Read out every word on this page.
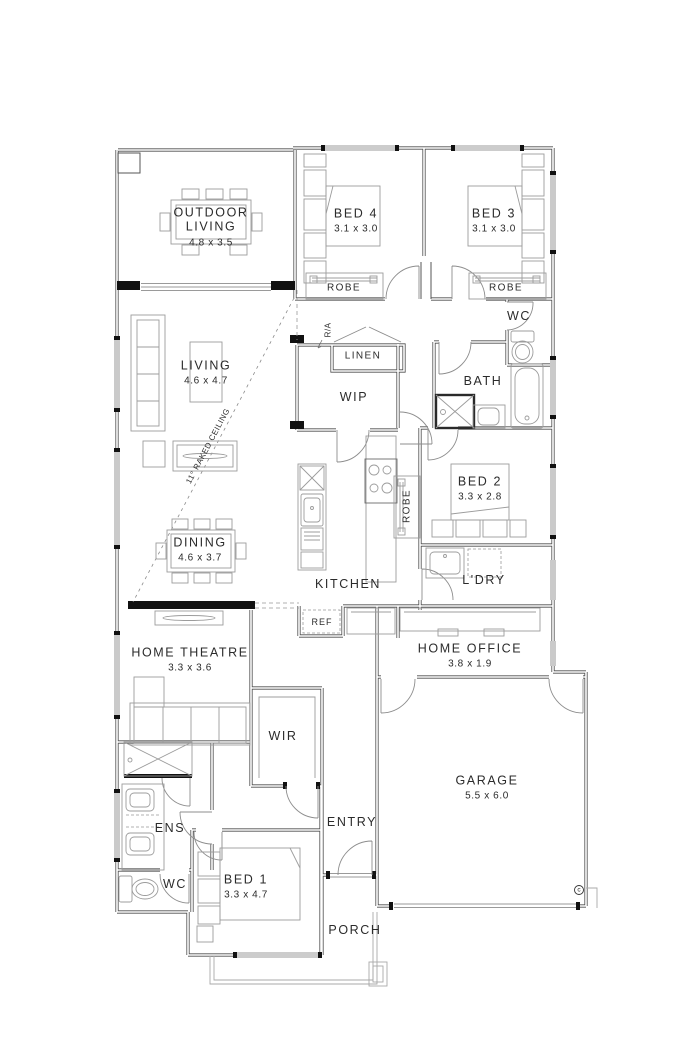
OUTDOOR LIVING
4.8 x 3.5
BED 4
3.1 x 3.0
BED 3
3.1 x 3.0
ROBE	ROBE
WC
LIVING
4.6 x 4.7
LINEN
WIP
BATH
R/A
11° RAKED CEILING	BED 2
3.3 x 2.8
ROBE
DINING
4.6 x 3.7
KITCHEN	L'DRY
REF
HOME THEATRE
3.3 x 3.6
HOME OFFICE
3.8 x 1.9
WIR
GARAGE
5.5 x 6.0
ENS	ENTRY
WC	BED 1
3.3 x 4.7
PORCH
c
